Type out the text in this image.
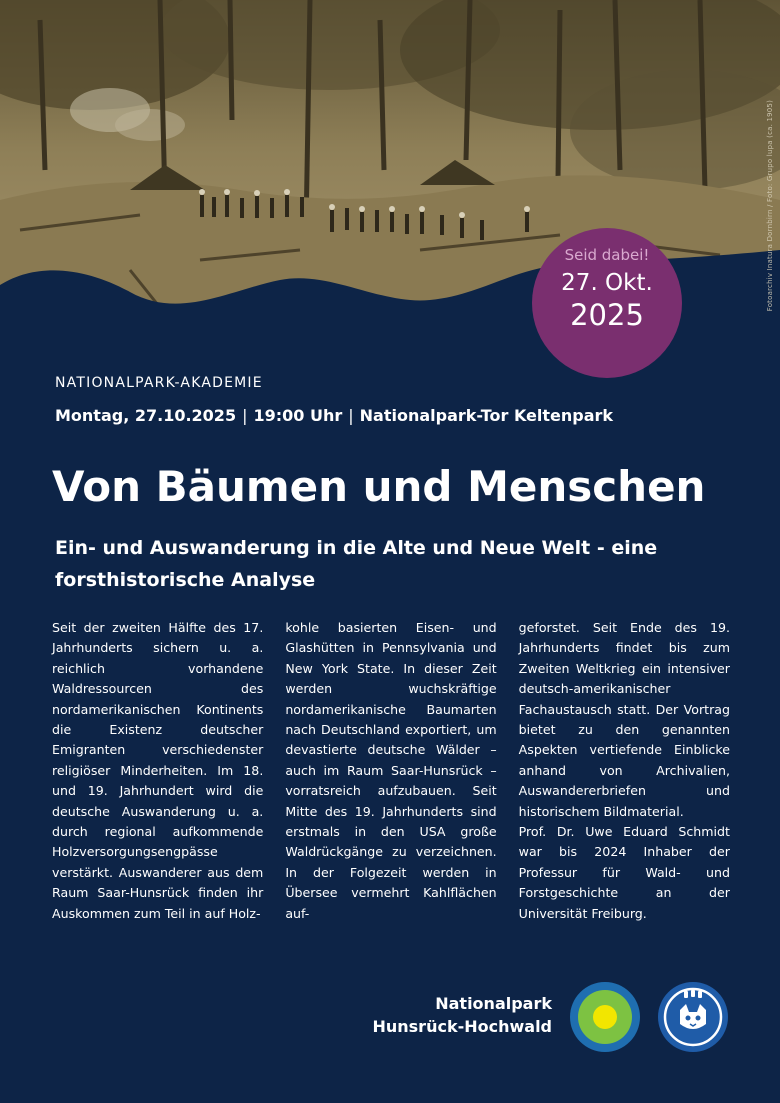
Fotoarchiv Inatura Dornbirn / Foto: Grupo lupa (ca. 1905)
Seid dabei!
27. Okt.
2025
NATIONALPARK-AKADEMIE
Montag, 27.10.2025 | 19:00 Uhr | Nationalpark-Tor Keltenpark
Von Bäumen und Menschen
Ein- und Auswanderung in die Alte und Neue Welt - eine forsthistorische Analyse

Seit der zweiten Hälfte des 17. Jahrhunderts sichern u. a. reichlich vorhandene Waldressourcen des nordamerikanischen Kontinents die Existenz deutscher Emigranten verschiedenster religiöser Minderheiten. Im 18. und 19. Jahrhundert wird die deutsche Auswanderung u. a. durch regional aufkommende Holzversorgungsengpässe verstärkt. Auswanderer aus dem Raum Saar-Hunsrück finden ihr Auskommen zum Teil in auf Holz-

kohle basierten Eisen- und Glashütten in Pennsylvania und New York State. In dieser Zeit werden wuchskräftige nordamerikanische Baumarten nach Deutschland exportiert, um devastierte deutsche Wälder – auch im Raum Saar-Hunsrück – vorratsreich aufzubauen. Seit Mitte des 19. Jahrhunderts sind erstmals in den USA große Waldrückgänge zu verzeichnen. In der Folgezeit werden in Übersee vermehrt Kahlflächen auf-

geforstet. Seit Ende des 19. Jahrhunderts findet bis zum Zweiten Weltkrieg ein intensiver deutsch-amerikanischer Fachaustausch statt. Der Vortrag bietet zu den genannten Aspekten vertiefende Einblicke anhand von Archivalien, Auswandererbriefen und historischem Bildmaterial.

Prof. Dr. Uwe Eduard Schmidt war bis 2024 Inhaber der Professur für Wald- und Forstgeschichte an der Universität Freiburg.

Nationalpark
Hunsrück-Hochwald
